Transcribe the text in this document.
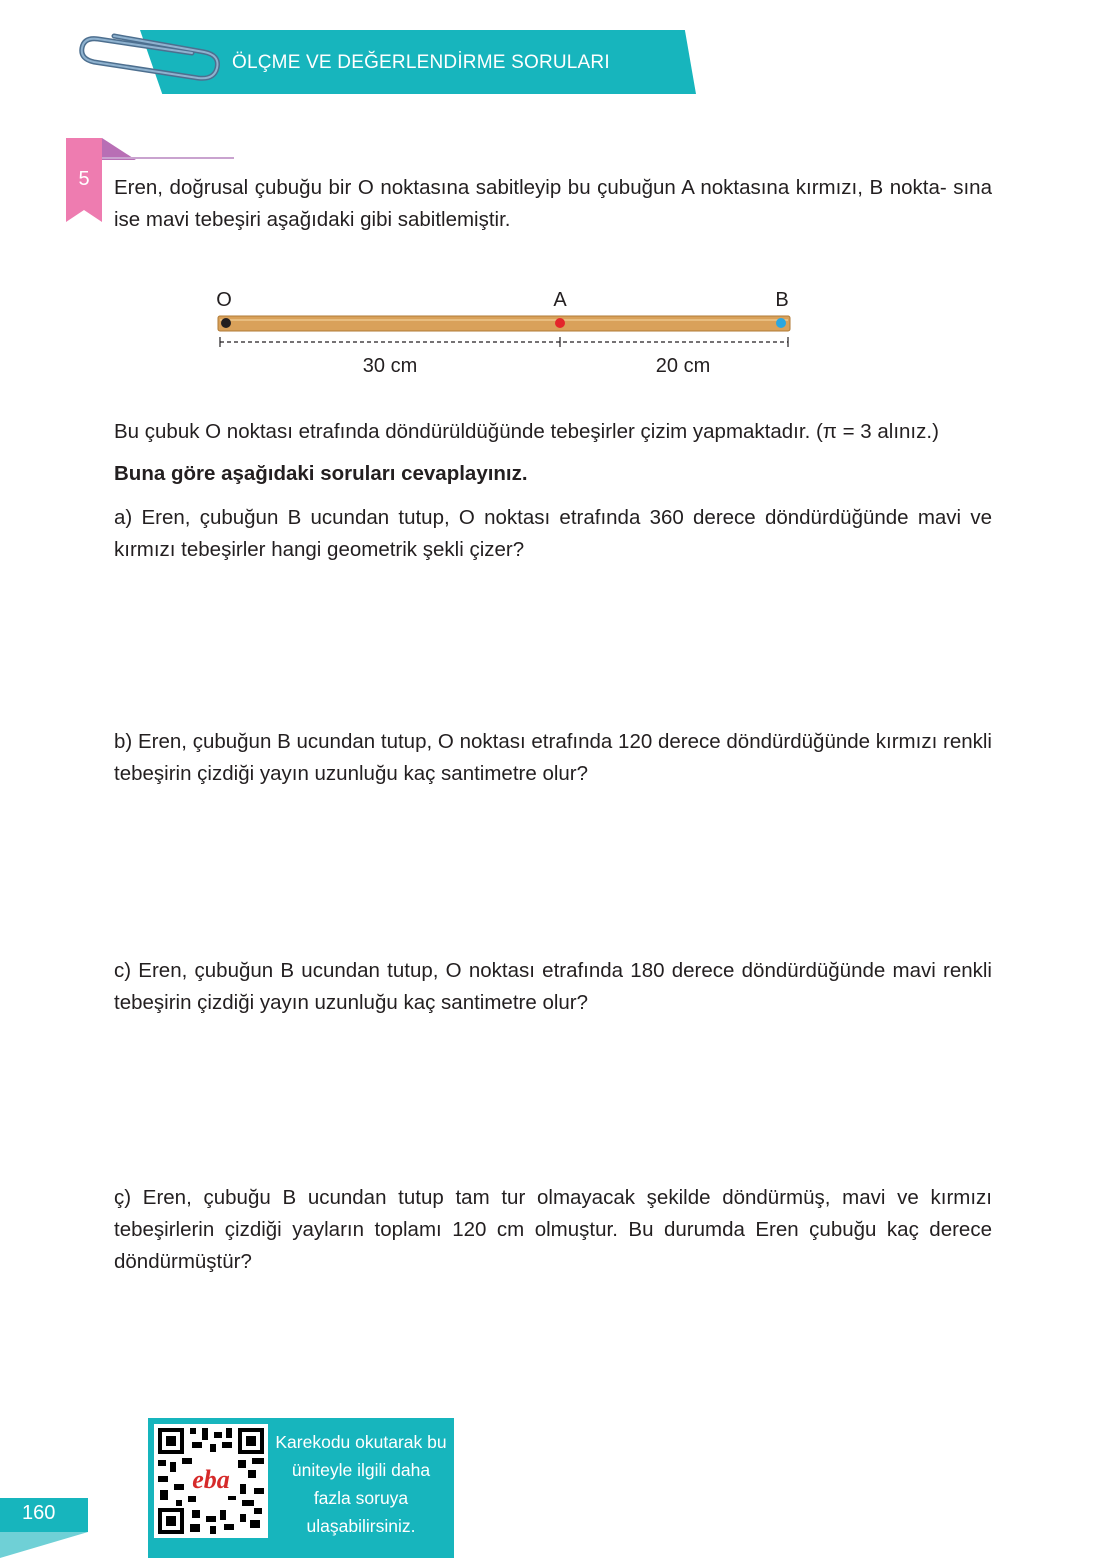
ÖLÇME VE DEĞERLENDİRME SORULARI
5	Eren, doğrusal çubuğu bir O noktasına sabitleyip bu çubuğun A noktasına kırmızı, B nokta- sına ise mavi tebeşiri aşağıdaki gibi sabitlemiştir.

O	A	B
30 cm	20 cm

Bu çubuk O noktası etrafında döndürüldüğünde tebeşirler çizim yapmaktadır. (π = 3 alınız.)

Buna göre aşağıdaki soruları cevaplayınız.

a) Eren, çubuğun B ucundan tutup, O noktası etrafında 360 derece döndürdüğünde mavi ve kırmızı tebeşirler hangi geometrik şekli çizer?

b) Eren, çubuğun B ucundan tutup, O noktası etrafında 120 derece döndürdüğünde kırmızı renkli tebeşirin çizdiği yayın uzunluğu kaç santimetre olur?

c) Eren, çubuğun B ucundan tutup, O noktası etrafında 180 derece döndürdüğünde mavi renkli tebeşirin çizdiği yayın uzunluğu kaç santimetre olur?

ç) Eren, çubuğu B ucundan tutup tam tur olmayacak şekilde döndürmüş, mavi ve kırmızı tebeşirlerin çizdiği yayların toplamı 120 cm olmuştur. Bu durumda Eren çubuğu kaç derece döndürmüştür?

eba
Karekodu okutarak bu üniteyle ilgili daha fazla soruya ulaşabilirsiniz.
160
